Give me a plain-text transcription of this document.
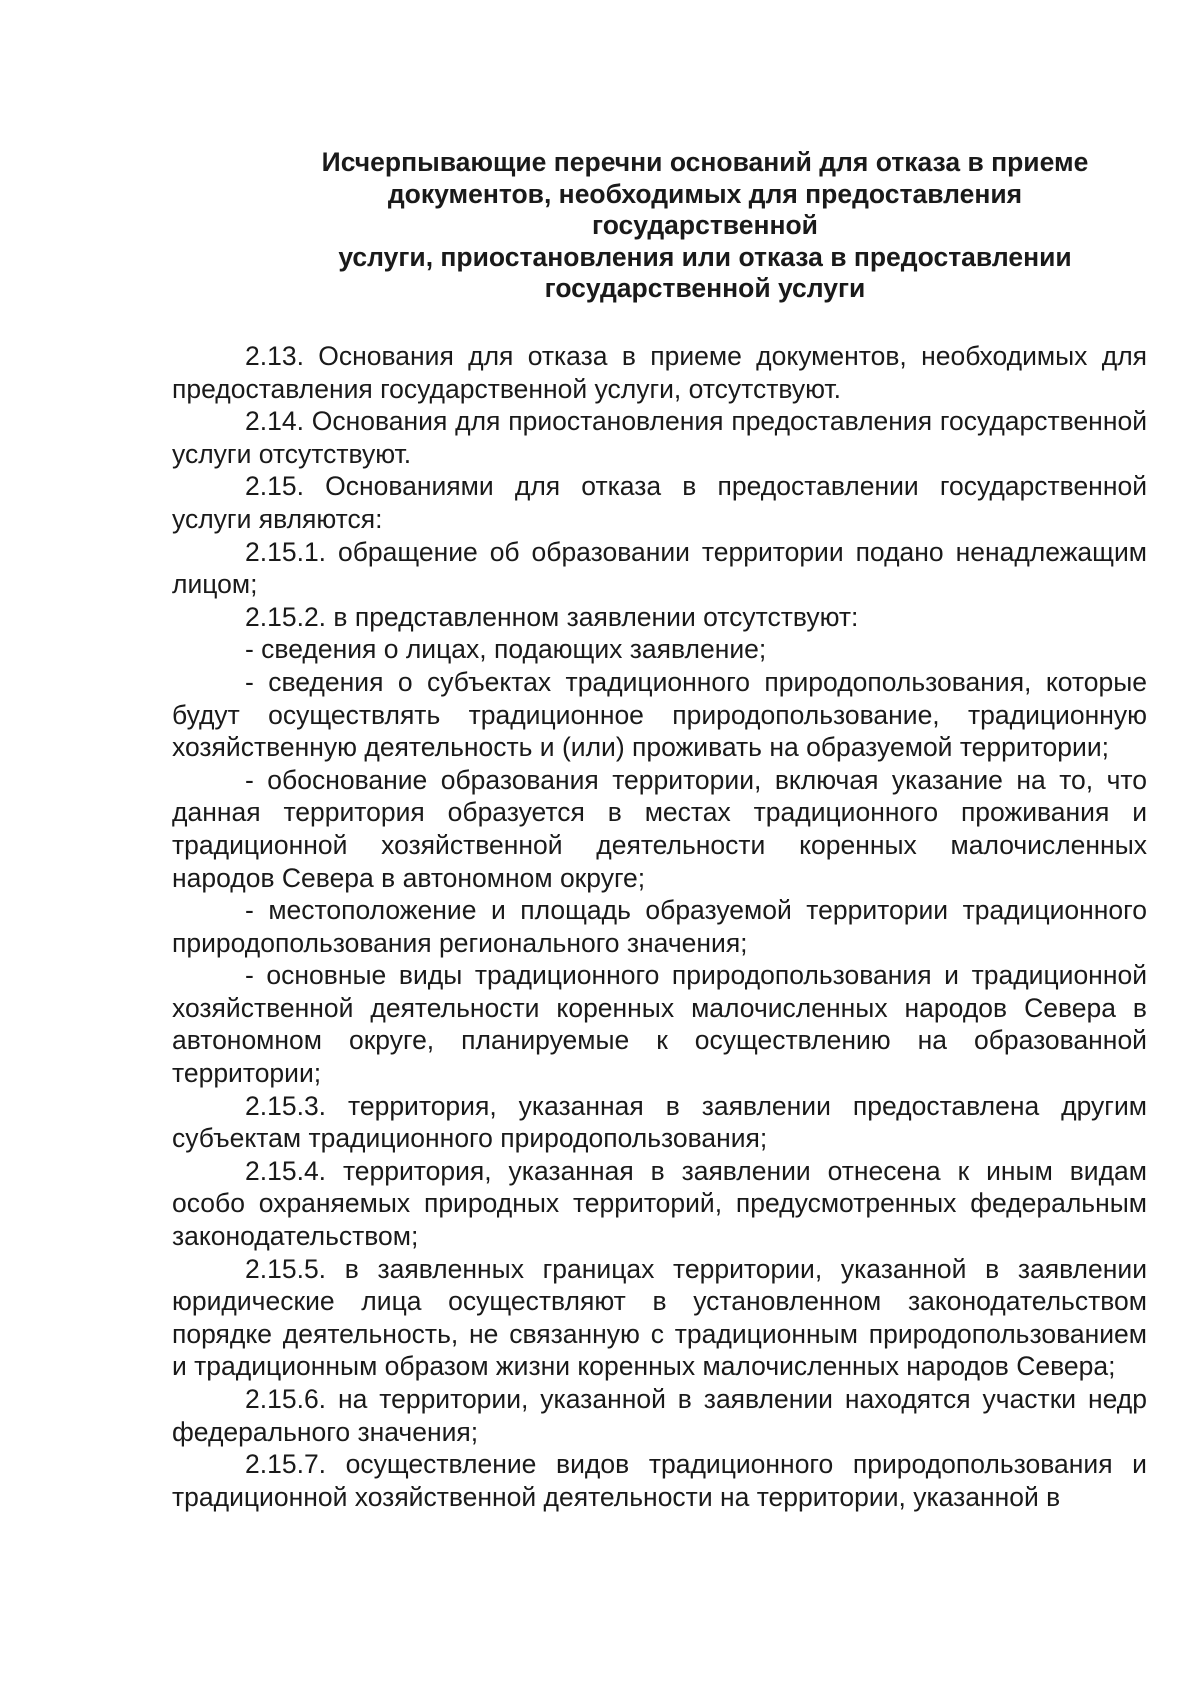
Исчерпывающие перечни оснований для отказа в приеме
документов, необходимых для предоставления
государственной
услуги, приостановления или отказа в предоставлении
государственной услуги

2.13. Основания для отказа в приеме документов, необходимых для предоставления государственной услуги, отсутствуют.

2.14. Основания для приостановления предоставления государственной услуги отсутствуют.

2.15. Основаниями для отказа в предоставлении государственной услуги являются:

2.15.1. обращение об образовании территории подано ненадлежащим лицом;

2.15.2. в представленном заявлении отсутствуют:

- сведения о лицах, подающих заявление;

- сведения о субъектах традиционного природопользования, которые будут осуществлять традиционное природопользование, традиционную хозяйственную деятельность и (или) проживать на образуемой территории;

- обоснование образования территории, включая указание на то, что данная территория образуется в местах традиционного проживания и традиционной хозяйственной деятельности коренных малочисленных народов Севера в автономном округе;

- местоположение и площадь образуемой территории традиционного природопользования регионального значения;

- основные виды традиционного природопользования и традиционной хозяйственной деятельности коренных малочисленных народов Севера в автономном округе, планируемые к осуществлению на образованной территории;

2.15.3. территория, указанная в заявлении предоставлена другим субъектам традиционного природопользования;

2.15.4. территория, указанная в заявлении отнесена к иным видам особо охраняемых природных территорий, предусмотренных федеральным законодательством;

2.15.5. в заявленных границах территории, указанной в заявлении юридические лица осуществляют в установленном законодательством порядке деятельность, не связанную с традиционным природопользованием и традиционным образом жизни коренных малочисленных народов Севера;

2.15.6. на территории, указанной в заявлении находятся участки недр федерального значения;

2.15.7. осуществление видов традиционного природопользования и традиционной хозяйственной деятельности на территории, указанной в
